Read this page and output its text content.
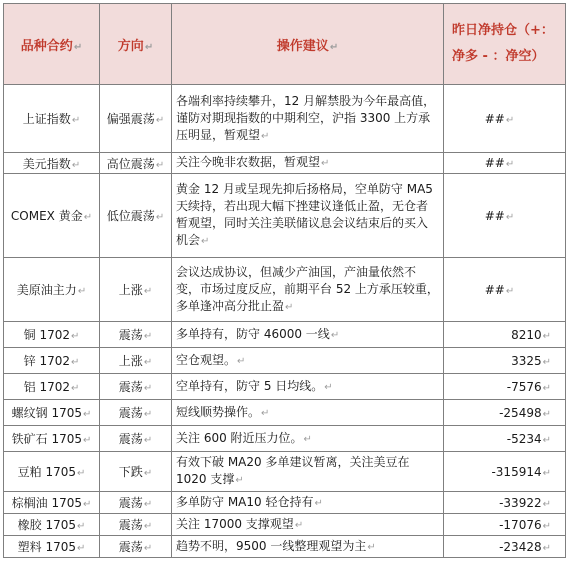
品种合约↵	方向↵	操作建议↵	昨日净持仓（+：
净多 - ：净空）
上证指数↵	偏强震荡↵	各端利率持续攀升，12 月解禁股为今年最高值，谨防对期现指数的中期利空，沪指 3300 上方承压明显，暂观望↵	##↵
美元指数↵	高位震荡↵	关注今晚非农数据，暂观望↵	##↵
COMEX 黄金↵	低位震荡↵	黄金 12 月或呈现先抑后扬格局，空单防守 MA5 天续持，若出现大幅下挫建议逢低止盈，无仓者暂观望，同时关注美联储议息会议结束后的买入机会↵	##↵
美原油主力↵	上涨↵	会议达成协议，但减少产油国，产油量依然不变，市场过度反应，前期平台 52 上方承压较重，多单逢冲高分批止盈↵	##↵
铜 1702↵	震荡↵	多单持有，防守 46000 一线↵	8210↵
锌 1702↵	上涨↵	空仓观望。↵	3325↵
铝 1702↵	震荡↵	空单持有，防守 5 日均线。↵	-7576↵
螺纹钢 1705↵	震荡↵	短线顺势操作。↵	-25498↵
铁矿石 1705↵	震荡↵	关注 600 附近压力位。↵	-5234↵
豆粕 1705↵	下跌↵	有效下破 MA20 多单建议暂离，关注美豆在 1020 支撑↵	-315914↵
棕榈油 1705↵	震荡↵	多单防守 MA10 轻仓持有↵	-33922↵
橡胶 1705↵	震荡↵	关注 17000 支撑观望↵	-17076↵
塑料 1705↵	震荡↵	趋势不明，9500 一线整理观望为主↵	-23428↵
